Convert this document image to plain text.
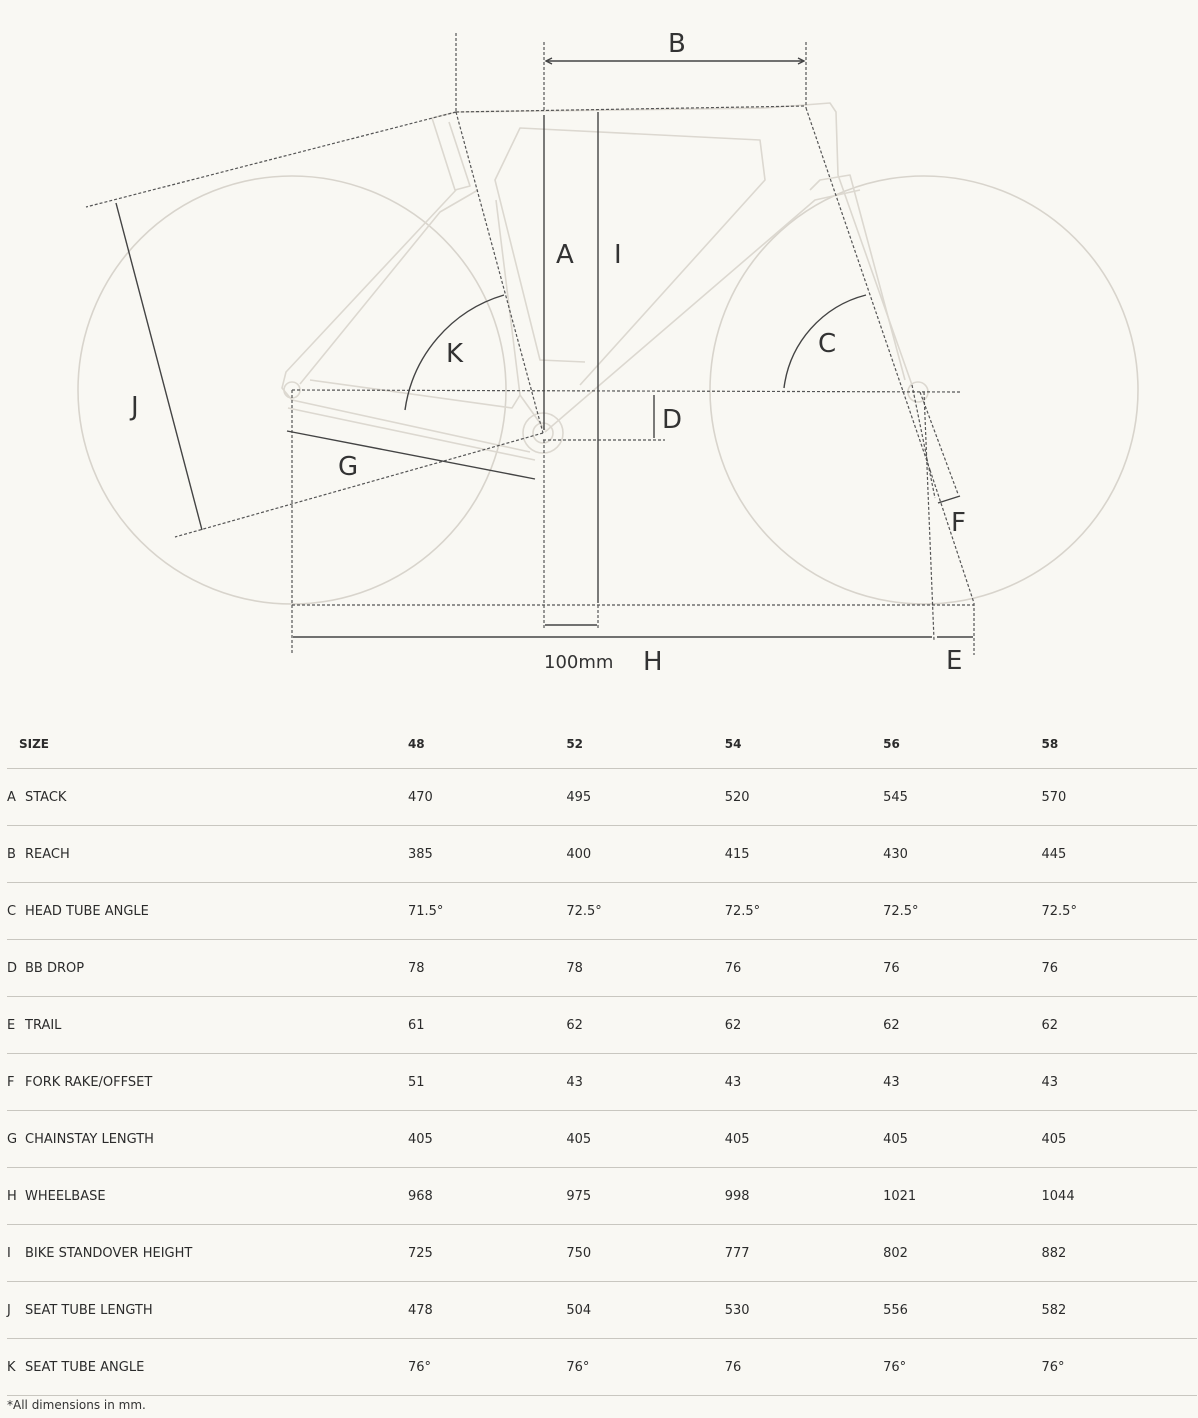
A
B
C
D
E
F
G
H
I
J
K
100mm
SIZE	48	52	54	56	58
A STACK	470	495	520	545	570
B REACH	385	400	415	430	445
C HEAD TUBE ANGLE	71.5°	72.5°	72.5°	72.5°	72.5°
D BB DROP	78	78	76	76	76
E TRAIL	61	62	62	62	62
F FORK RAKE/OFFSET	51	43	43	43	43
G CHAINSTAY LENGTH	405	405	405	405	405
H WHEELBASE	968	975	998	1021	1044
I BIKE STANDOVER HEIGHT	725	750	777	802	882
J SEAT TUBE LENGTH	478	504	530	556	582
K SEAT TUBE ANGLE	76°	76°	76	76°	76°
*All dimensions in mm.
